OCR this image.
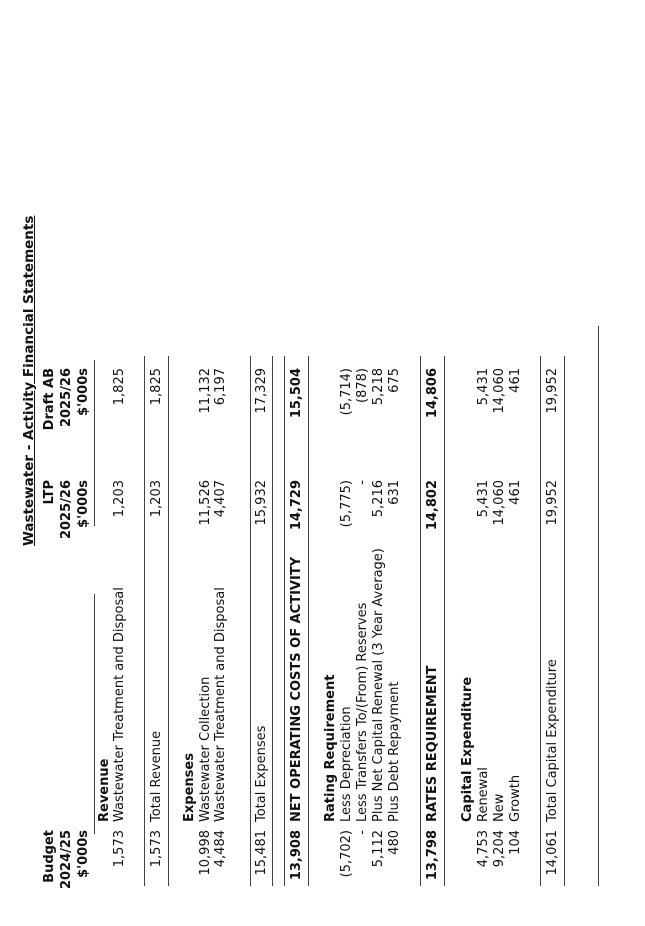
Wastewater - Activity Financial Statements
Budget 2024/25 $'000s
LTP 2025/26 $'000s
Draft AB 2025/26 $'000s
Revenue
1,573
Wastewater Treatment and Disposal
1,203
1,825
1,573
Total Revenue
1,203
1,825
Expenses
10,998
Wastewater Collection
11,526
11,132
4,484
Wastewater Treatment and Disposal
4,407
6,197
15,481
Total Expenses
15,932
17,329
13,908
NET OPERATING COSTS OF ACTIVITY
14,729
15,504
Rating Requirement
(5,702)
Less Depreciation
(5,775)
(5,714)
-
Less Transfers To/(From) Reserves
-
(878)
5,112
Plus Net Capital Renewal (3 Year Average)
5,216
5,218
480
Plus Debt Repayment
631
675
13,798
RATES REQUIREMENT
14,802
14,806
Capital Expenditure
4,753
Renewal
5,431
5,431
9,204
New
14,060
14,060
104
Growth
461
461
14,061
Total Capital Expenditure
19,952
19,952
